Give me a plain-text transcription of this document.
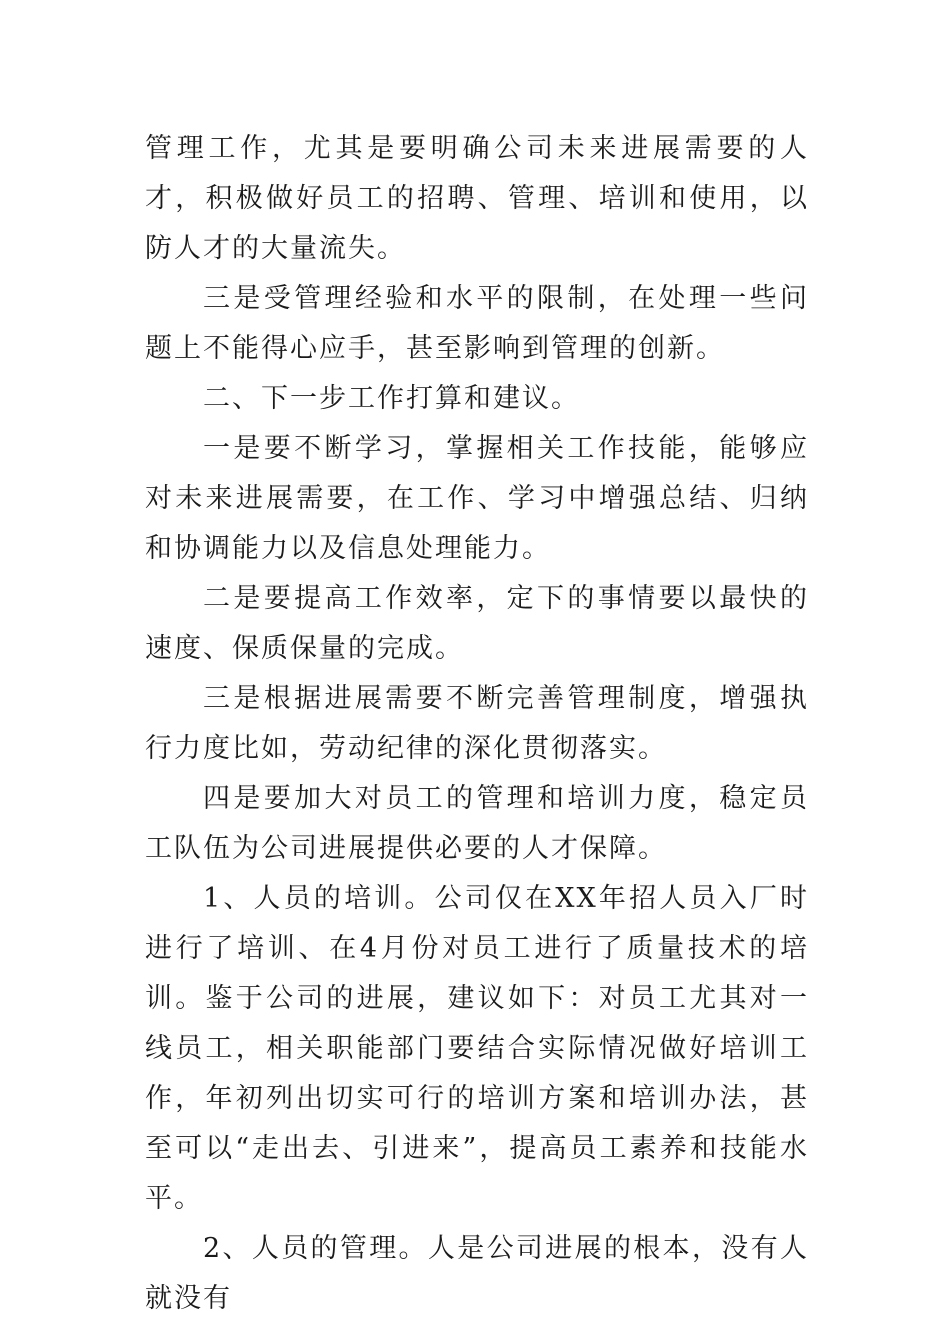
管理工作，尤其是要明确公司未来进展需要的人才，积极做好员工的招聘、管理、培训和使用，以防人才的大量流失。

三是受管理经验和水平的限制，在处理一些问题上不能得心应手，甚至影响到管理的创新。

二、下一步工作打算和建议。

一是要不断学习，掌握相关工作技能，能够应对未来进展需要，在工作、学习中增强总结、归纳和协调能力以及信息处理能力。

二是要提高工作效率，定下的事情要以最快的速度、保质保量的完成。

三是根据进展需要不断完善管理制度，增强执行力度比如，劳动纪律的深化贯彻落实。

四是要加大对员工的管理和培训力度，稳定员工队伍为公司进展提供必要的人才保障。

1、人员的培训。公司仅在XX年招人员入厂时进行了培训、在4月份对员工进行了质量技术的培训。鉴于公司的进展，建议如下：对员工尤其对一线员工，相关职能部门要结合实际情况做好培训工作，年初列出切实可行的培训方案和培训办法，甚至可以“走出去、引进来”，提高员工素养和技能水平。

2、人员的管理。人是公司进展的根本，没有人就没有
